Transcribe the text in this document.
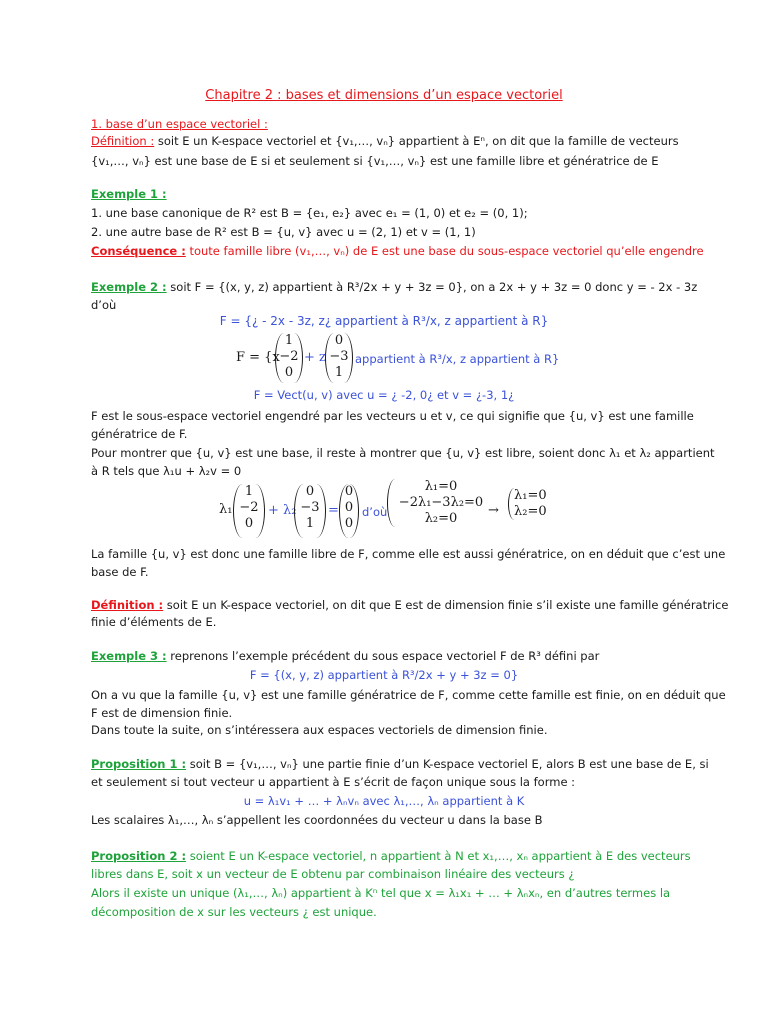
Chapitre 2 : bases et dimensions d’un espace vectoriel
1. base d’un espace vectoriel :
Définition : soit E un K-espace vectoriel et {v₁,…, vₙ} appartient à Eⁿ, on dit que la famille de vecteurs
{v₁,…, vₙ} est une base de E si et seulement si {v₁,…, vₙ} est une famille libre et génératrice de E
Exemple 1 :
1. une base canonique de R² est B = {e₁, e₂} avec e₁ = (1, 0) et e₂ = (0, 1);
2. une autre base de R² est B = {u, v} avec u = (2, 1) et v = (1, 1)
Conséquence : toute famille libre (v₁,…, vₙ) de E est une base du sous-espace vectoriel qu’elle engendre
Exemple 2 : soit F = {(x, y, z) appartient à R³/2x + y + 3z = 0}, on a 2x + y + 3z = 0 donc y = - 2x - 3z
d’où
F = {¿ - 2x - 3z, z¿ appartient à R³/x, z appartient à R}
F = {x
1
−2
0
+ z
0
−3
1
appartient à R³/x, z appartient à R}
F = Vect(u, v) avec u = ¿ -2, 0¿ et v = ¿-3, 1¿
F est le sous-espace vectoriel engendré par les vecteurs u et v, ce qui signifie que {u, v} est une famille
génératrice de F.
Pour montrer que {u, v} est une base, il reste à montrer que {u, v} est libre, soient donc λ₁ et λ₂ appartient
à R tels que λ₁u + λ₂v = 0
λ₁
1
−2
0
+ λ₂
0
−3
1
=
0
0
0
d’où
λ₁=0
−2λ₁−3λ₂=0
λ₂=0
→
λ₁=0
λ₂=0
La famille {u, v} est donc une famille libre de F, comme elle est aussi génératrice, on en déduit que c’est une
base de F.
Définition : soit E un K-espace vectoriel, on dit que E est de dimension finie s’il existe une famille génératrice
finie d’éléments de E.
Exemple 3 : reprenons l’exemple précédent du sous espace vectoriel F de R³ défini par
F = {(x, y, z) appartient à R³/2x + y + 3z = 0}
On a vu que la famille {u, v} est une famille génératrice de F, comme cette famille est finie, on en déduit que
F est de dimension finie.
Dans toute la suite, on s’intéressera aux espaces vectoriels de dimension finie.
Proposition 1 : soit B = {v₁,…, vₙ} une partie finie d’un K-espace vectoriel E, alors B est une base de E, si
et seulement si tout vecteur u appartient à E s’écrit de façon unique sous la forme :
u = λ₁v₁ + … + λₙvₙ avec λ₁,…, λₙ appartient à K
Les scalaires λ₁,…, λₙ s’appellent les coordonnées du vecteur u dans la base B
Proposition 2 : soient E un K-espace vectoriel, n appartient à N et x₁,…, xₙ appartient à E des vecteurs
libres dans E, soit x un vecteur de E obtenu par combinaison linéaire des vecteurs ¿
Alors il existe un unique (λ₁,…, λₙ) appartient à Kⁿ tel que x = λ₁x₁ + … + λₙxₙ, en d’autres termes la
décomposition de x sur les vecteurs ¿ est unique.
